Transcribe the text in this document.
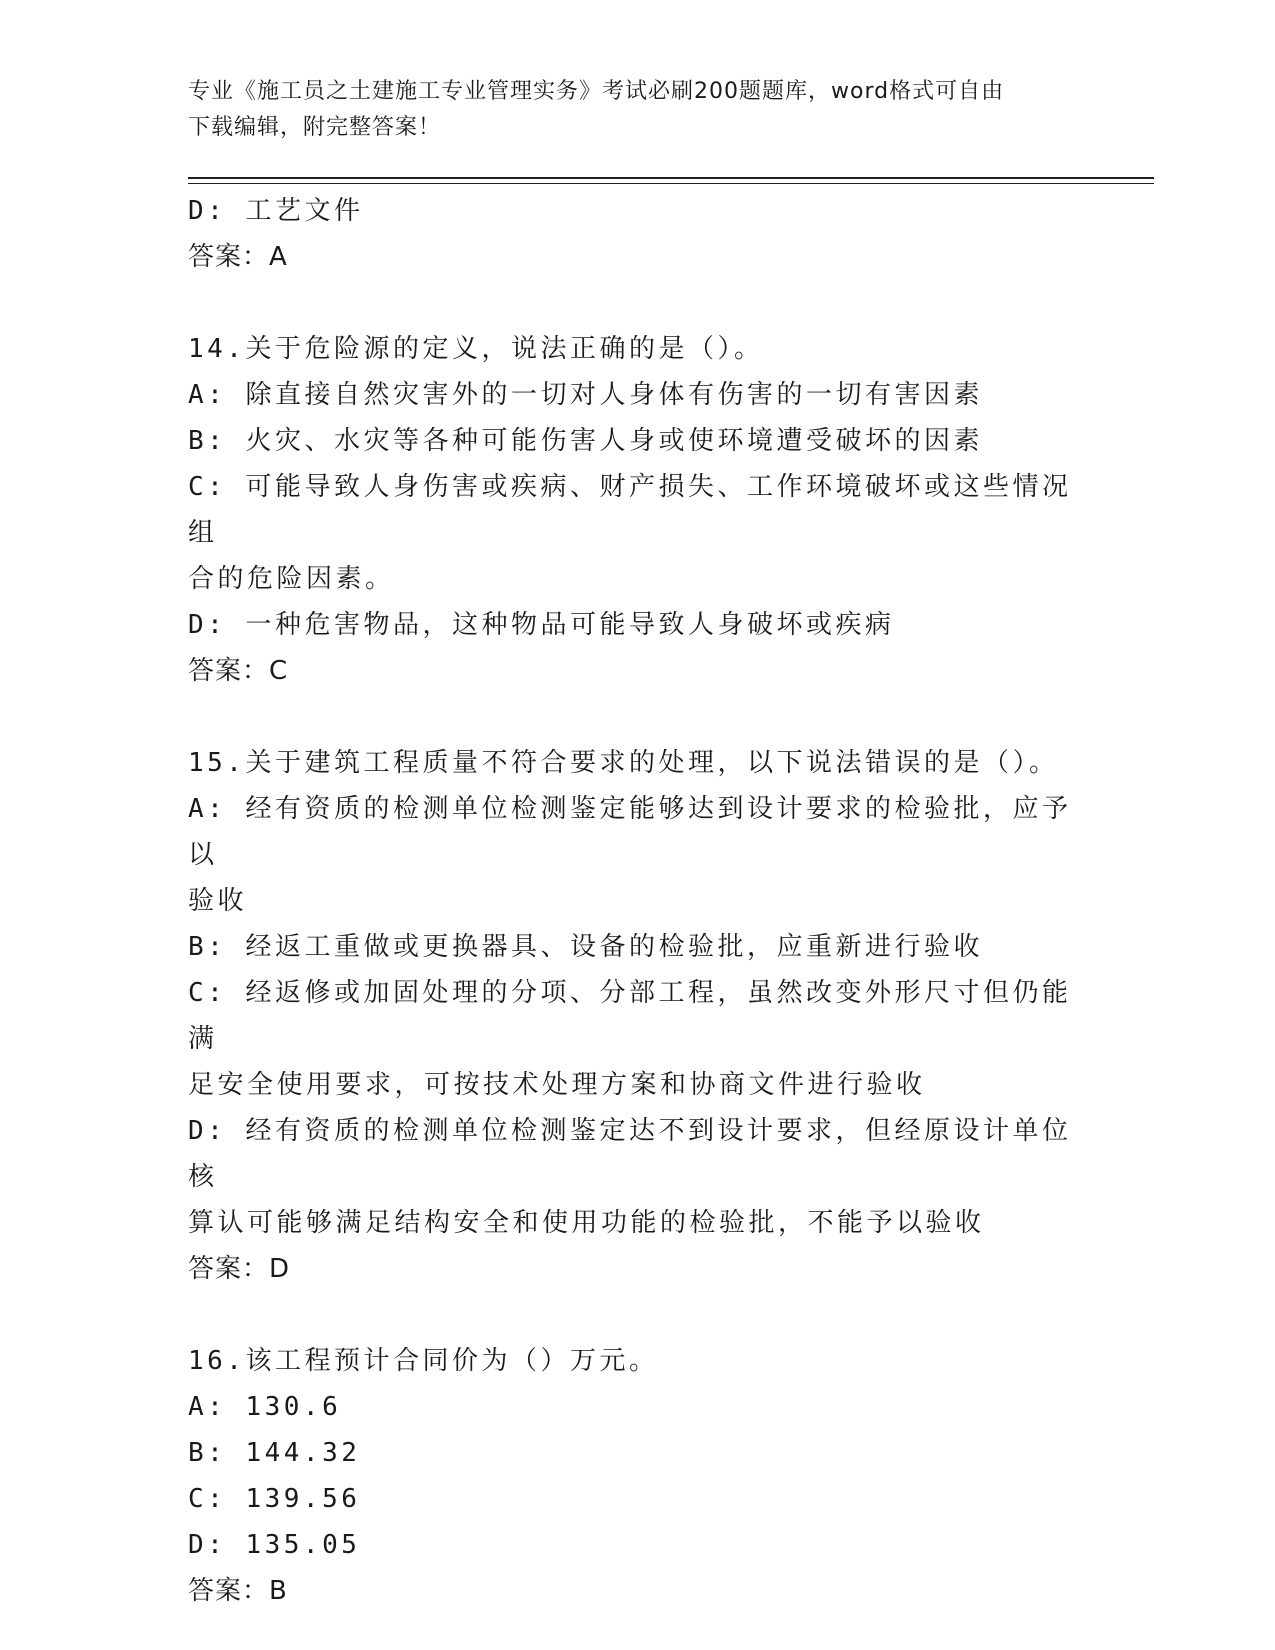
专业《施工员之土建施工专业管理实务》考试必刷200题题库，word格式可自由
下载编辑，附完整答案！

D: 工艺文件

答案：A

14.关于危险源的定义，说法正确的是（）。

A: 除直接自然灾害外的一切对人身体有伤害的一切有害因素

B: 火灾、水灾等各种可能伤害人身或使环境遭受破坏的因素

C: 可能导致人身伤害或疾病、财产损失、工作环境破坏或这些情况组

合的危险因素。

D: 一种危害物品，这种物品可能导致人身破坏或疾病

答案：C

15.关于建筑工程质量不符合要求的处理，以下说法错误的是（）。

A: 经有资质的检测单位检测鉴定能够达到设计要求的检验批，应予以

验收

B: 经返工重做或更换器具、设备的检验批，应重新进行验收

C: 经返修或加固处理的分项、分部工程，虽然改变外形尺寸但仍能满

足安全使用要求，可按技术处理方案和协商文件进行验收

D: 经有资质的检测单位检测鉴定达不到设计要求，但经原设计单位核

算认可能够满足结构安全和使用功能的检验批，不能予以验收

答案：D

16.该工程预计合同价为（）万元。

A: 130.6

B: 144.32

C: 139.56

D: 135.05

答案：B
